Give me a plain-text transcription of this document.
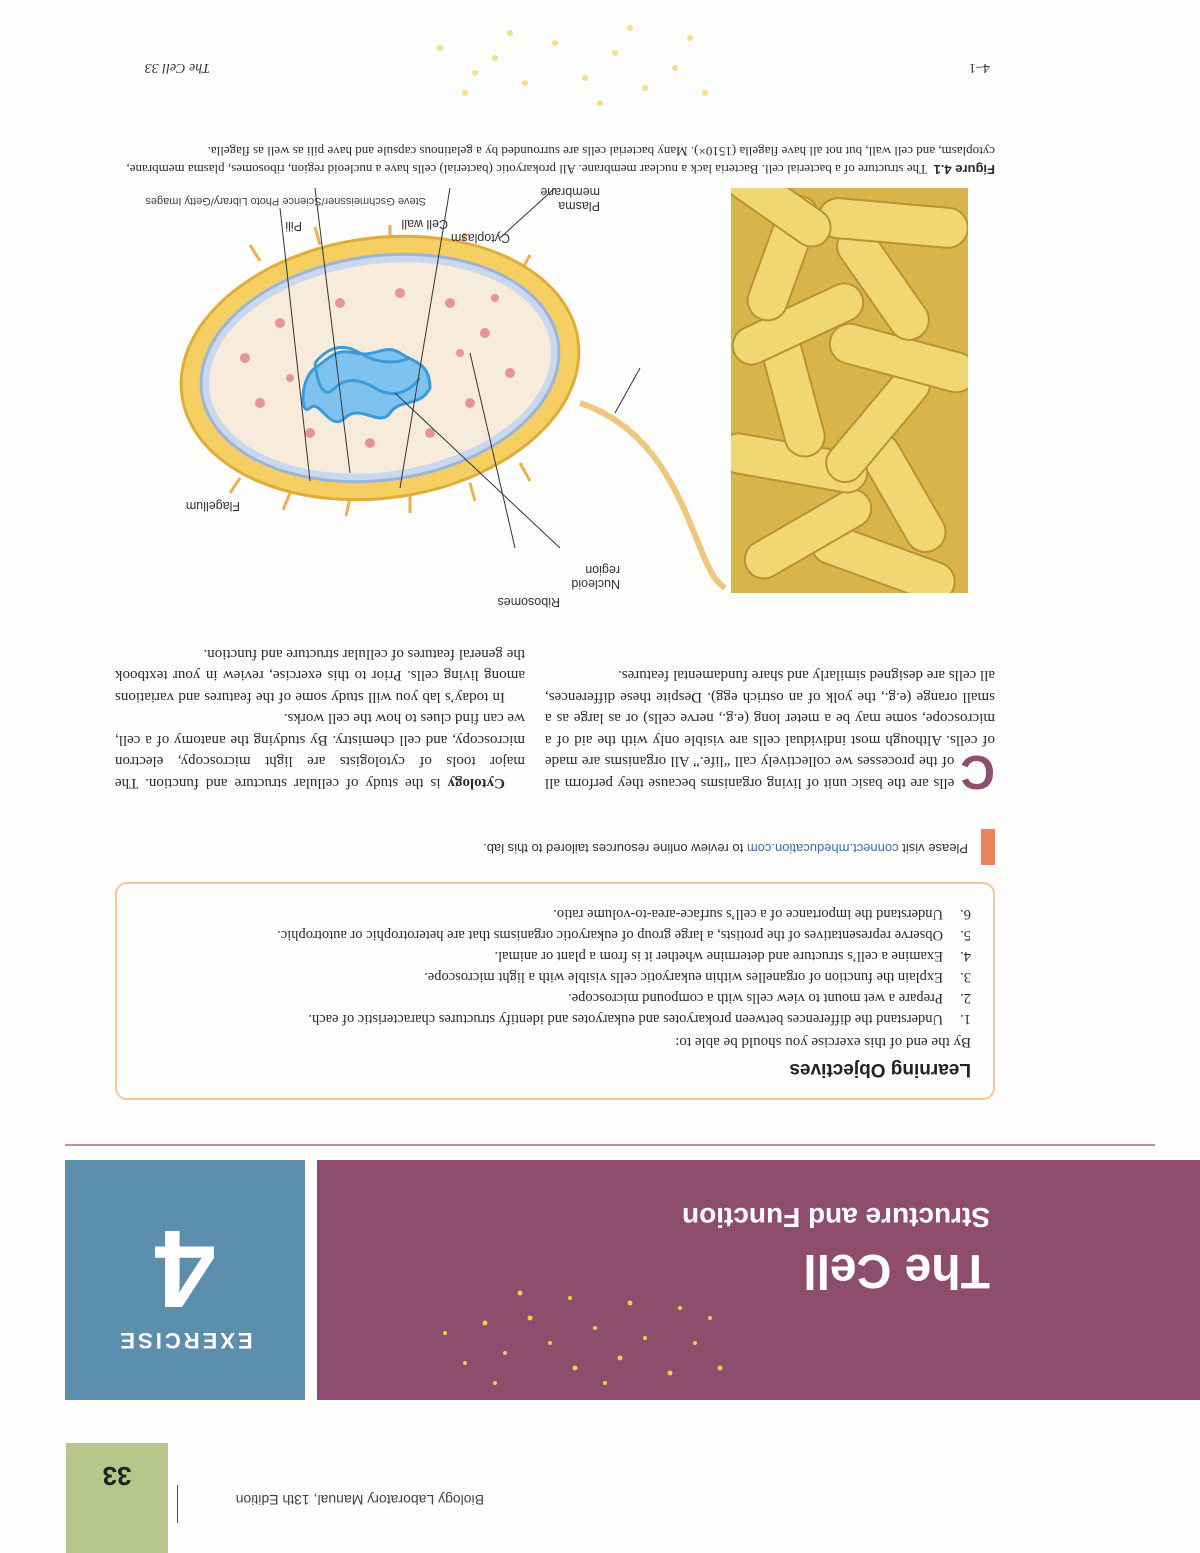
33
Biology Laboratory Manual, 13th Edition
EXERCISE
4	The Cell
Structure and Function
Learning Objectives
By the end of this exercise you should be able to:
1.
Understand the differences between prokaryotes and eukaryotes and identify structures characteristic of each.
2.
Prepare a wet mount to view cells with a compound microscope.
3.
Explain the function of organelles within eukaryotic cells visible with a light microscope.
4.
Examine a cell’s structure and determine whether it is from a plant or animal.
5.
Observe representatives of the protists, a large group of eukaryotic organisms that are heterotrophic or autotrophic.
6.
Understand the importance of a cell’s surface-area-to-volume ratio.
Please visit connect.mheducation.com to review online resources tailored to this lab.

C
ells are the basic unit of living organisms because they perform all of the processes we collectively call “life.” All organisms are made of cells. Although most individual cells are visible only with the aid of a microscope, some may be a meter long (e.g., nerve cells) or as large as a small orange (e.g., the yolk of an ostrich egg). Despite these differences, all cells are designed similarly and share fundamental features.

Cytology is the study of cellular structure and function. The major tools of cytologists are light microscopy, electron microscopy, and cell chemistry. By studying the anatomy of a cell, we can find clues to how the cell works.

In today’s lab you will study some of the features and variations among living cells. Prior to this exercise, review in your textbook the general features of cellular structure and function.

Nucleoid region
Ribosomes
Flagellum
Pili	Cell wall
Plasma membrane
Cytoplasm
Steve Gschmeissner/Science Photo Library/Getty Images
Figure 4.1  The structure of a bacterial cell. Bacteria lack a nuclear membrane. All prokaryotic (bacterial) cells have a nucleoid region, ribosomes, plasma membrane, cytoplasm, and cell wall, but not all have flagella (1510×). Many bacterial cells are surrounded by a gelatinous capsule and have pili as well as flagella.
4–1
The Cell 33
